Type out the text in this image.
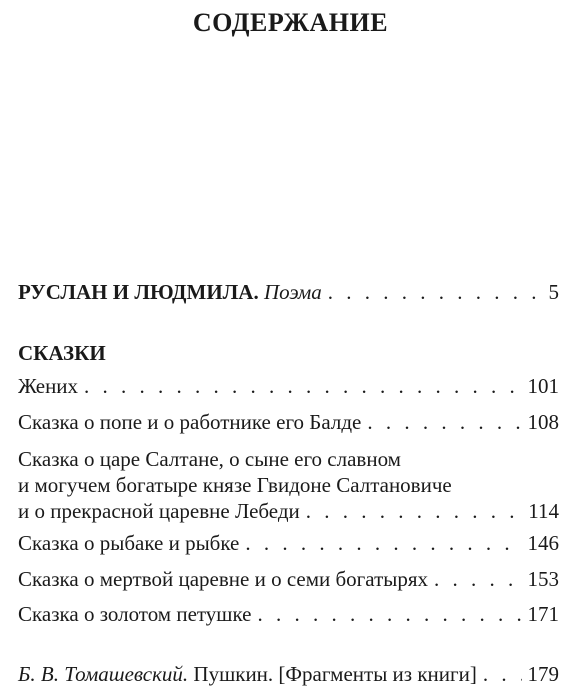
СОДЕРЖАНИЕ
РУСЛАН И ЛЮДМИЛА. Поэма . . .	5
СКАЗКИ
Жених . . .	101
Сказка о попе и о работнике его Балде . . .	108
Сказка о царе Салтане, о сыне его славном
и могучем богатыре князе Гвидоне Салтановиче
и о прекрасной царевне Лебеди . . .	114
Сказка о рыбаке и рыбке . . .	146
Сказка о мертвой царевне и о семи богатырях . . .	153
Сказка о золотом петушке . . .	171
Б. В. Томашевский. Пушкин. [Фрагменты из книги] . . . 179
